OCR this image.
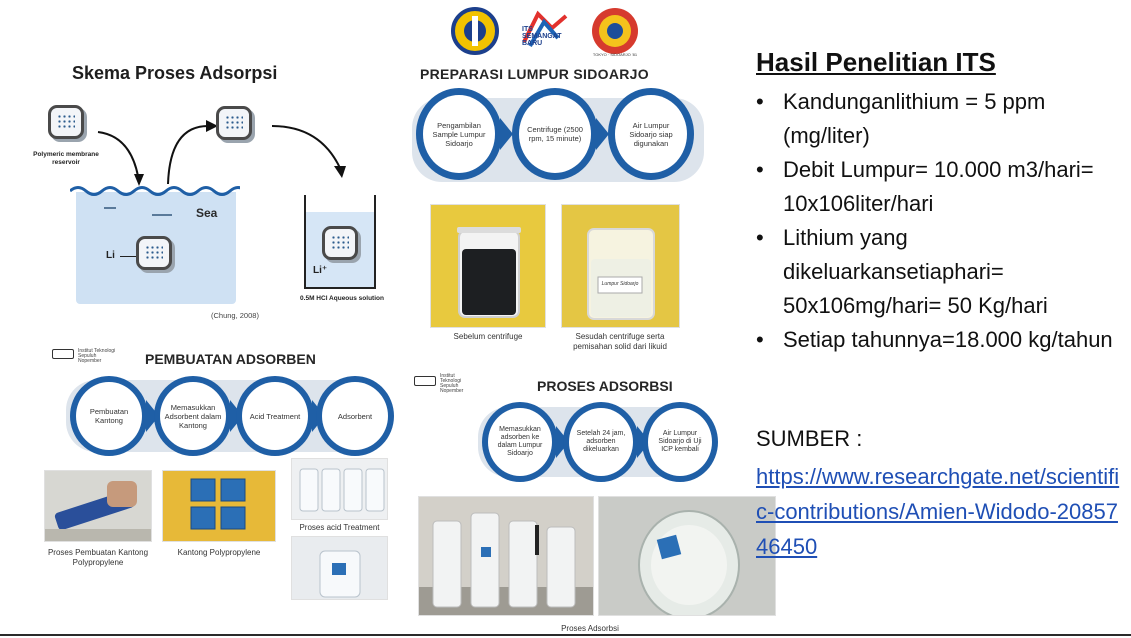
ITS SEMANGAT BARU
TOKYO · SIDOARJO '81
Skema Proses Adsorpsi
Polymeric membrane reservoir
Sea
Li
Li⁺
0.5M HCl Aqueous solution
(Chung, 2008)
PREPARASI LUMPUR SIDOARJO
Pengambilan Sample Lumpur Sidoarjo
Centrifuge (2500 rpm, 15 minute)
Air Lumpur Sidoarjo siap digunakan
Sebelum centrifuge
Lumpur Sidoarjo
Sesudah centrifuge serta pemisahan solid dari likuid
Institut Teknologi Sepuluh Nopember	PEMBUATAN ADSORBEN
Pembuatan Kantong
Memasukkan Adsorbent dalam Kantong
Acid Treatment	Adsorbent
Proses Pembuatan Kantong Polypropylene
Kantong Polypropylene
Proses acid Treatment
Institut Teknologi Sepuluh Nopember	PROSES ADSORBSI
Memasukkan adsorben ke dalam Lumpur Sidoarjo
Setelah 24 jam, adsorben dikeluarkan
Air Lumpur Sidoarjo di Uji ICP kembali
Proses Adsorbsi
Hasil Penelitian ITS
• Kandunganlithium = 5 ppm (mg/liter)
• Debit Lumpur= 10.000 m3/hari= 10x106liter/hari
• Lithium yang dikeluarkansetiaphari= 50x106mg/hari= 50 Kg/hari
• Setiap tahunnya=18.000 kg/tahun
SUMBER :
https://www.researchgate.net/scientific-contributions/Amien-Widodo-2085746450
